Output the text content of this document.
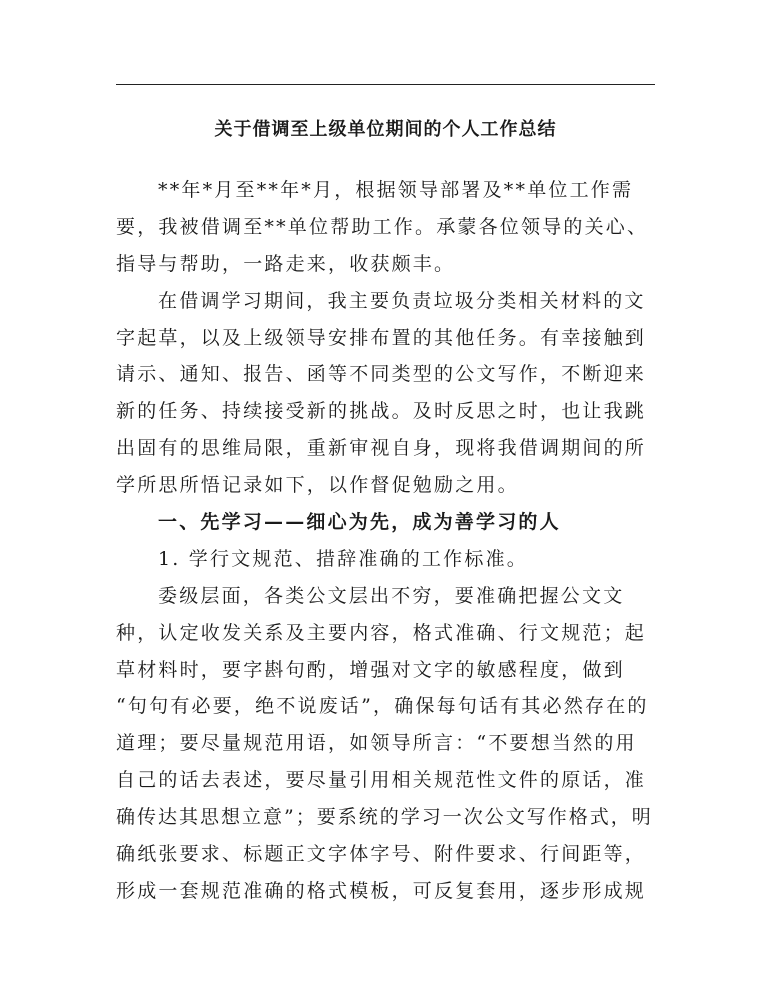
关于借调至上级单位期间的个人工作总结
**年*月至**年*月，根据领导部署及**单位工作需
要，我被借调至**单位帮助工作。承蒙各位领导的关心、
指导与帮助，一路走来，收获颇丰。
在借调学习期间，我主要负责垃圾分类相关材料的文
字起草，以及上级领导安排布置的其他任务。有幸接触到
请示、通知、报告、函等不同类型的公文写作，不断迎来
新的任务、持续接受新的挑战。及时反思之时，也让我跳
出固有的思维局限，重新审视自身，现将我借调期间的所
学所思所悟记录如下，以作督促勉励之用。
一、先学习——细心为先，成为善学习的人
1. 学行文规范、措辞准确的工作标准。
委级层面，各类公文层出不穷，要准确把握公文文
种，认定收发关系及主要内容，格式准确、行文规范；起
草材料时，要字斟句酌，增强对文字的敏感程度，做到
“句句有必要，绝不说废话”，确保每句话有其必然存在的
道理；要尽量规范用语，如领导所言：“不要想当然的用
自己的话去表述，要尽量引用相关规范性文件的原话，准
确传达其思想立意”；要系统的学习一次公文写作格式，明
确纸张要求、标题正文字体字号、附件要求、行间距等，
形成一套规范准确的格式模板，可反复套用，逐步形成规
